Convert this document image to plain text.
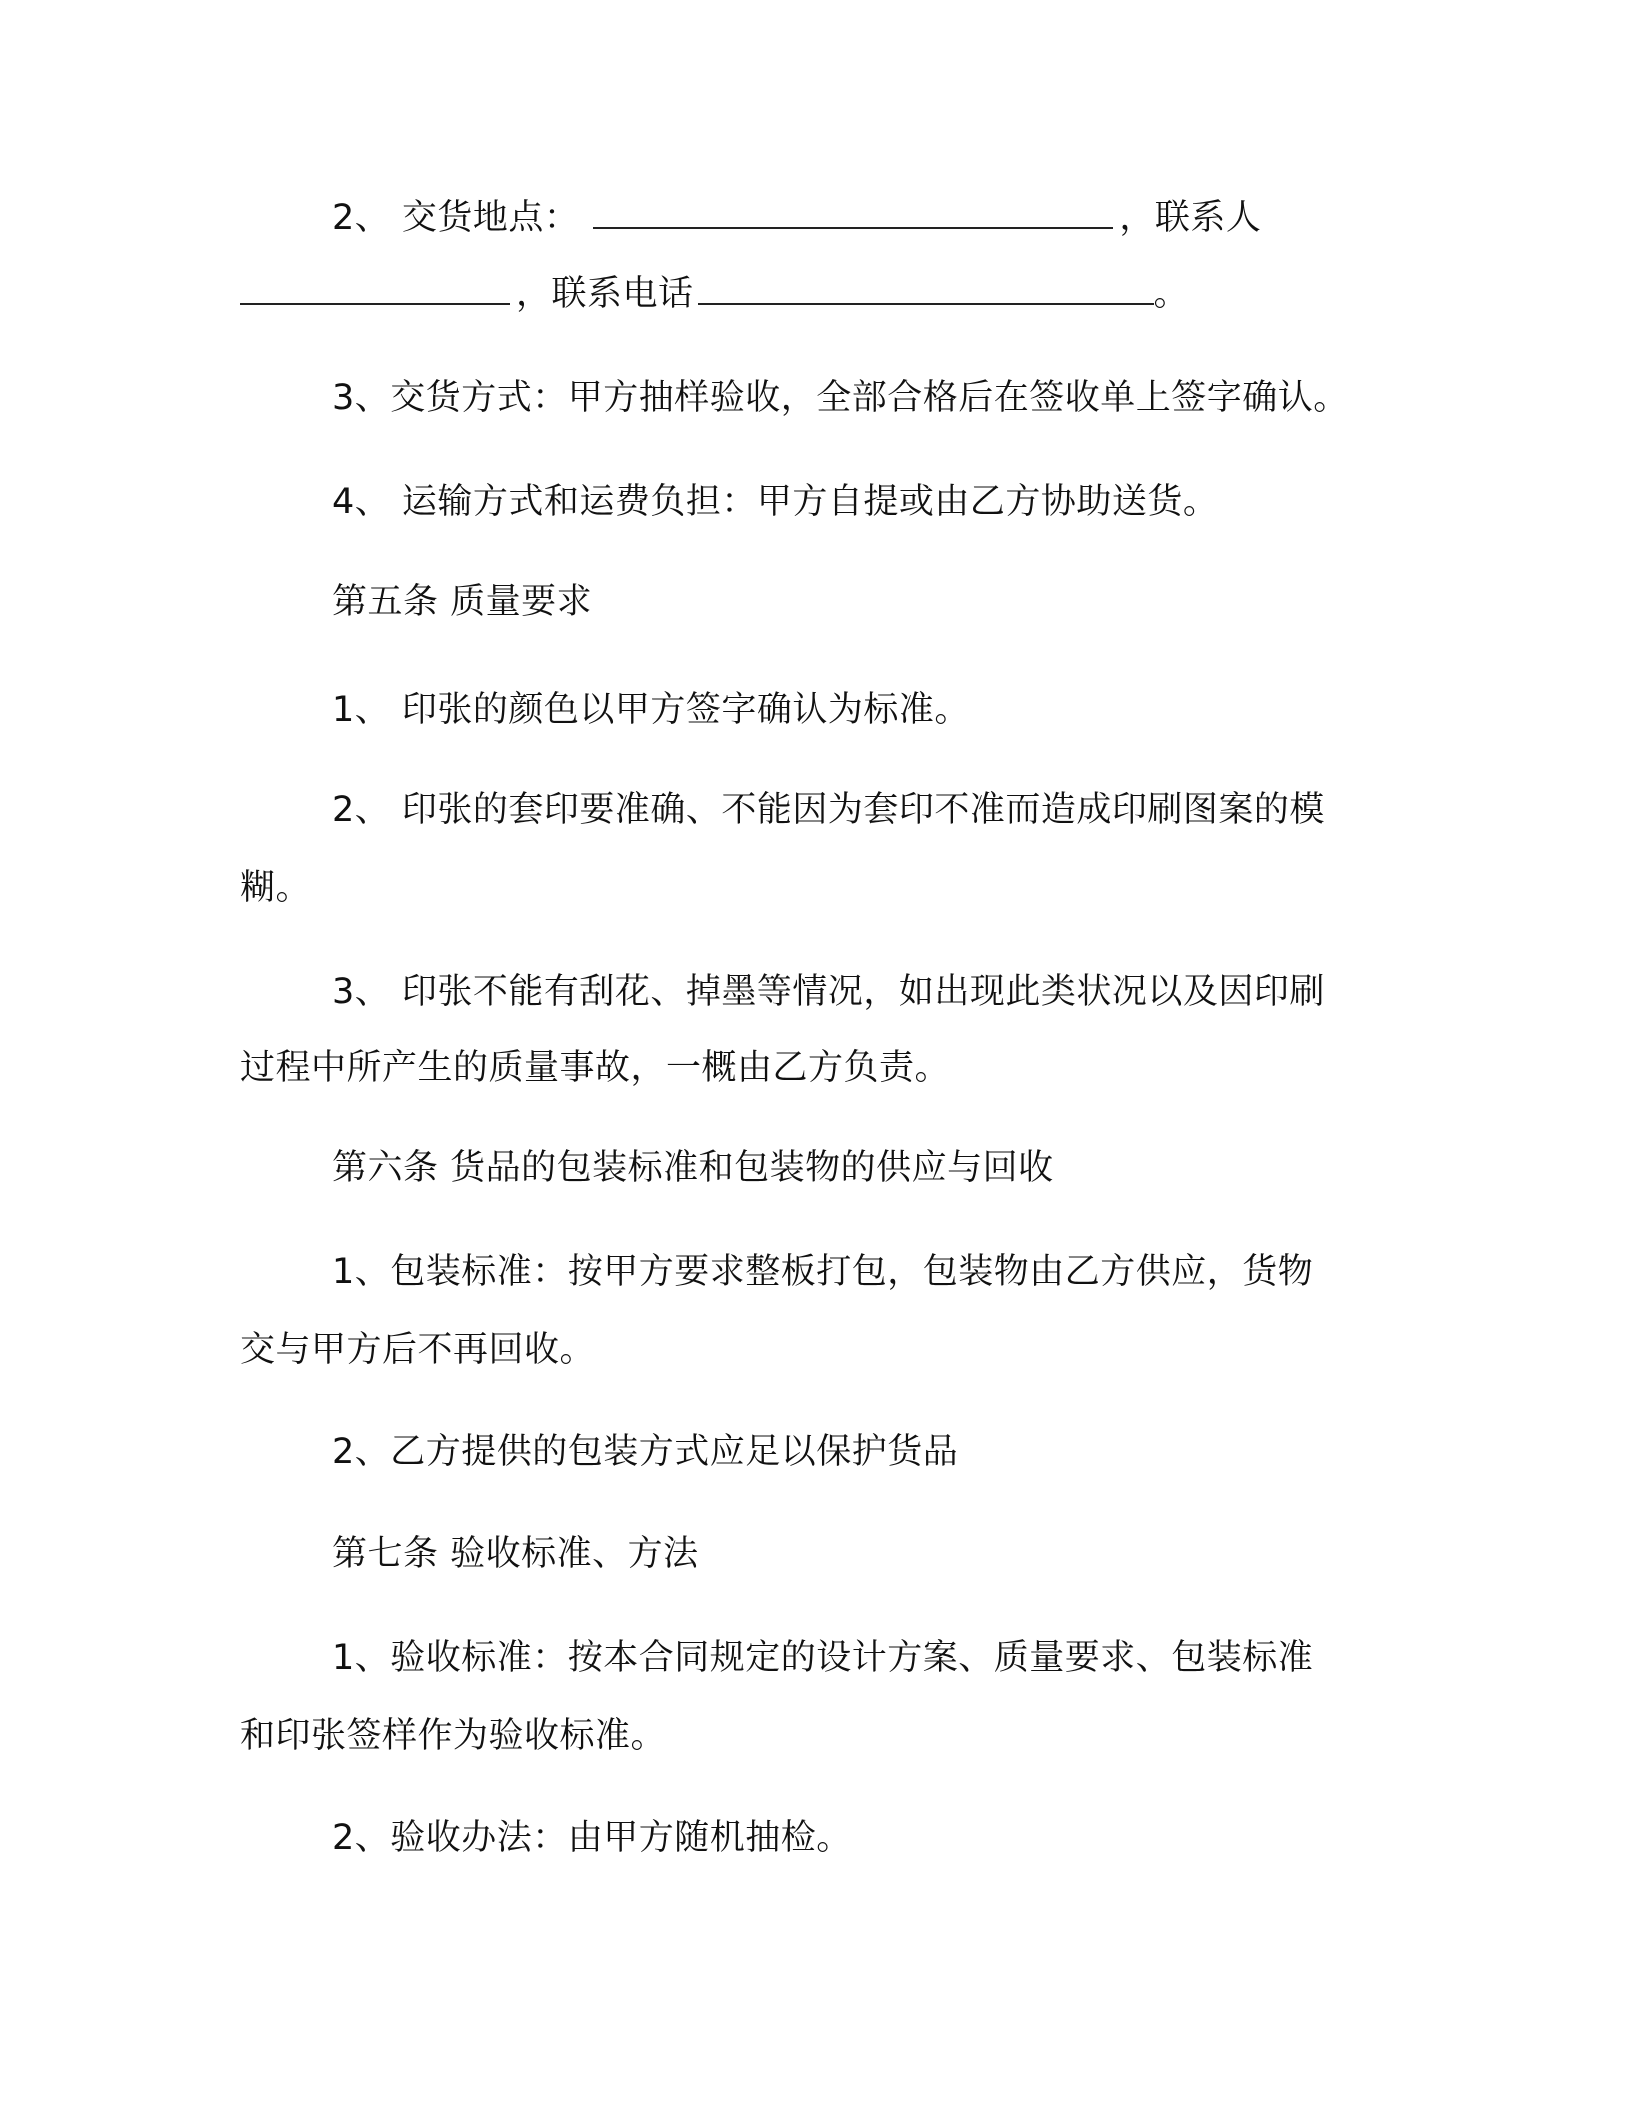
2、 交货地点：	，联系人
，联系电话	。
3、交货方式：甲方抽样验收，全部合格后在签收单上签字确认。
4、 运输方式和运费负担：甲方自提或由乙方协助送货。
第五条 质量要求
1、 印张的颜色以甲方签字确认为标准。
2、 印张的套印要准确、不能因为套印不准而造成印刷图案的模
糊。
3、 印张不能有刮花、掉墨等情况，如出现此类状况以及因印刷
过程中所产生的质量事故，一概由乙方负责。
第六条 货品的包装标准和包装物的供应与回收
1、包装标准：按甲方要求整板打包，包装物由乙方供应，货物
交与甲方后不再回收。
2、乙方提供的包装方式应足以保护货品
第七条 验收标准、方法
1、验收标准：按本合同规定的设计方案、质量要求、包装标准
和印张签样作为验收标准。
2、验收办法：由甲方随机抽检。
